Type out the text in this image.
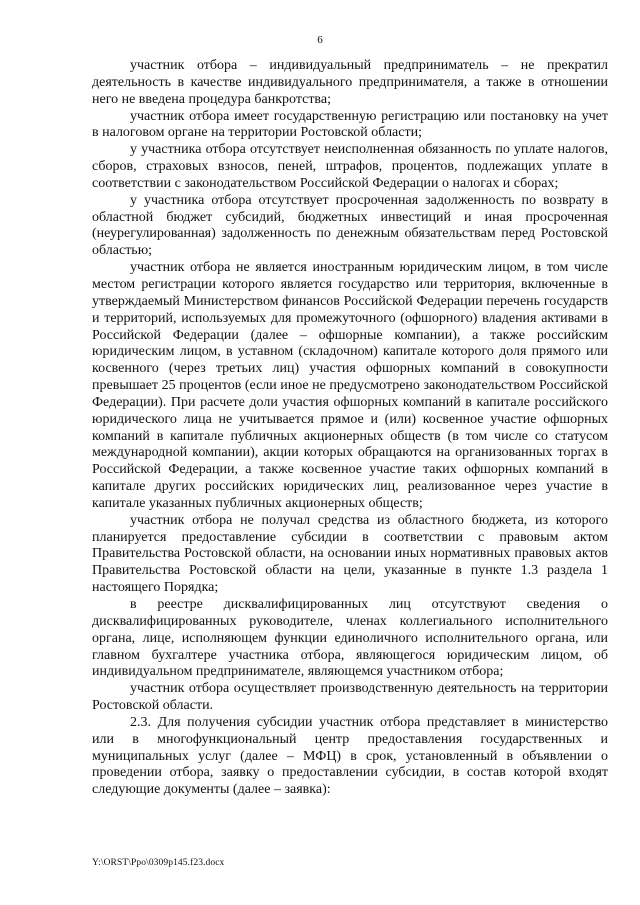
6

участник отбора – индивидуальный предприниматель – не прекратил деятельность в качестве индивидуального предпринимателя, а также в отношении него не введена процедура банкротства;

участник отбора имеет государственную регистрацию или постановку на учет в налоговом органе на территории Ростовской области;

у участника отбора отсутствует неисполненная обязанность по уплате налогов, сборов, страховых взносов, пеней, штрафов, процентов, подлежащих уплате в соответствии с законодательством Российской Федерации о налогах и сборах;

у участника отбора отсутствует просроченная задолженность по возврату в областной бюджет субсидий, бюджетных инвестиций и иная просроченная (неурегулированная) задолженность по денежным обязательствам перед Ростовской областью;

участник отбора не является иностранным юридическим лицом, в том числе местом регистрации которого является государство или территория, включенные в утверждаемый Министерством финансов Российской Федерации перечень государств и территорий, используемых для промежуточного (офшорного) владения активами в Российской Федерации (далее – офшорные компании), а также российским юридическим лицом, в уставном (складочном) капитале которого доля прямого или косвенного (через третьих лиц) участия офшорных компаний в совокупности превышает 25 процентов (если иное не предусмотрено законодательством Российской Федерации). При расчете доли участия офшорных компаний в капитале российского юридического лица не учитывается прямое и (или) косвенное участие офшорных компаний в капитале публичных акционерных обществ (в том числе со статусом международной компании), акции которых обращаются на организованных торгах в Российской Федерации, а также косвенное участие таких офшорных компаний в капитале других российских юридических лиц, реализованное через участие в капитале указанных публичных акционерных обществ;

участник отбора не получал средства из областного бюджета, из которого планируется предоставление субсидии в соответствии с правовым актом Правительства Ростовской области, на основании иных нормативных правовых актов Правительства Ростовской области на цели, указанные в пункте 1.3 раздела 1 настоящего Порядка;

в реестре дисквалифицированных лиц отсутствуют сведения о дисквалифицированных руководителе, членах коллегиального исполнительного органа, лице, исполняющем функции единоличного исполнительного органа, или главном бухгалтере участника отбора, являющегося юридическим лицом, об индивидуальном предпринимателе, являющемся участником отбора;

участник отбора осуществляет производственную деятельность на территории Ростовской области.

2.3. Для получения субсидии участник отбора представляет в министерство или в многофункциональный центр предоставления государственных и муниципальных услуг (далее – МФЦ) в срок, установленный в объявлении о проведении отбора, заявку о предоставлении субсидии, в состав которой входят следующие документы (далее – заявка):

Y:\ORST\Ppo\0309p145.f23.docx
